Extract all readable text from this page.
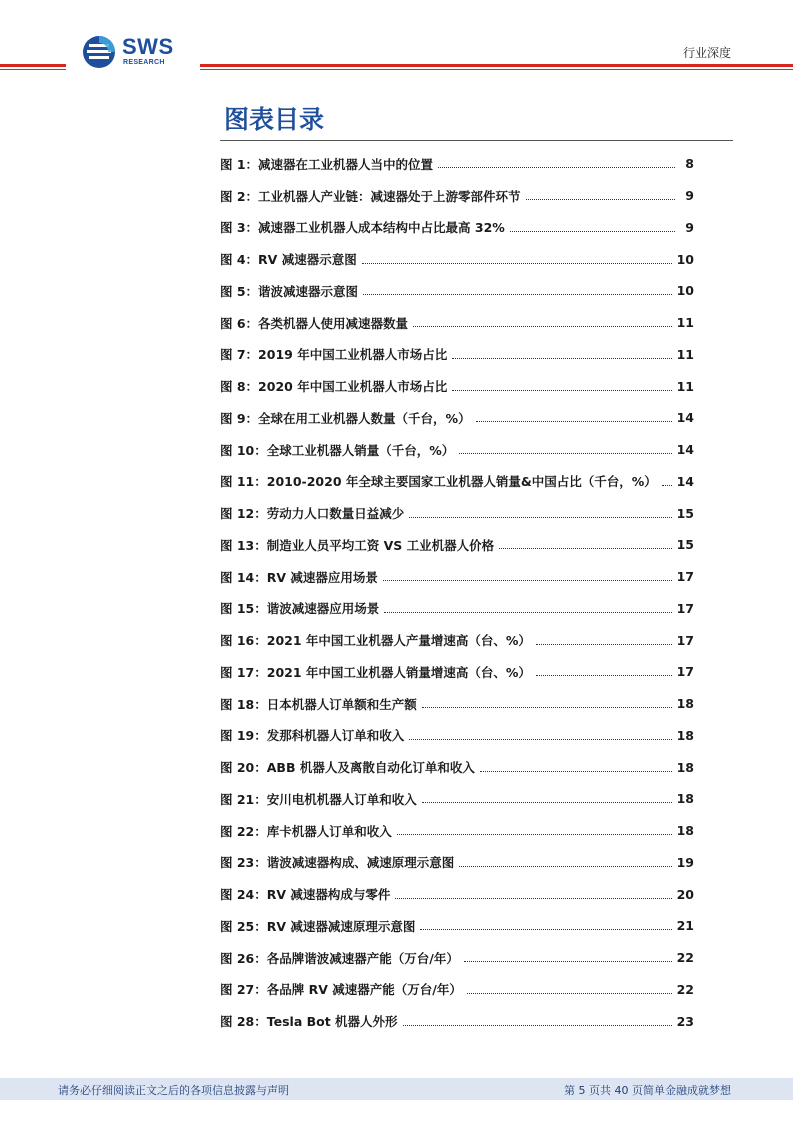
SWS
RESEARCH
行业深度
图表目录
图 1：减速器在工业机器人当中的位置	8
图 2：工业机器人产业链：减速器处于上游零部件环节	9
图 3：减速器工业机器人成本结构中占比最高 32%	9
图 4：RV 减速器示意图	10
图 5：谐波减速器示意图	10
图 6：各类机器人使用减速器数量	11
图 7：2019 年中国工业机器人市场占比	11
图 8：2020 年中国工业机器人市场占比	11
图 9：全球在用工业机器人数量（千台，%）	14
图 10：全球工业机器人销量（千台，%）	14
图 11：2010-2020 年全球主要国家工业机器人销量&中国占比（千台，%） 14
图 12：劳动力人口数量日益减少	15
图 13：制造业人员平均工资 VS 工业机器人价格	15
图 14：RV 减速器应用场景	17
图 15：谐波减速器应用场景	17
图 16：2021 年中国工业机器人产量增速高（台、%）	17
图 17：2021 年中国工业机器人销量增速高（台、%）	17
图 18：日本机器人订单额和生产额	18
图 19：发那科机器人订单和收入	18
图 20：ABB 机器人及离散自动化订单和收入	18
图 21：安川电机机器人订单和收入	18
图 22：库卡机器人订单和收入	18
图 23：谐波减速器构成、减速原理示意图	19
图 24：RV 减速器构成与零件	20
图 25：RV 减速器减速原理示意图	21
图 26：各品牌谐波减速器产能（万台/年）	22
图 27：各品牌 RV 减速器产能（万台/年）	22
图 28：Tesla Bot 机器人外形	23
请务必仔细阅读正文之后的各项信息披露与声明	第 5 页共 40 页简单金融成就梦想
